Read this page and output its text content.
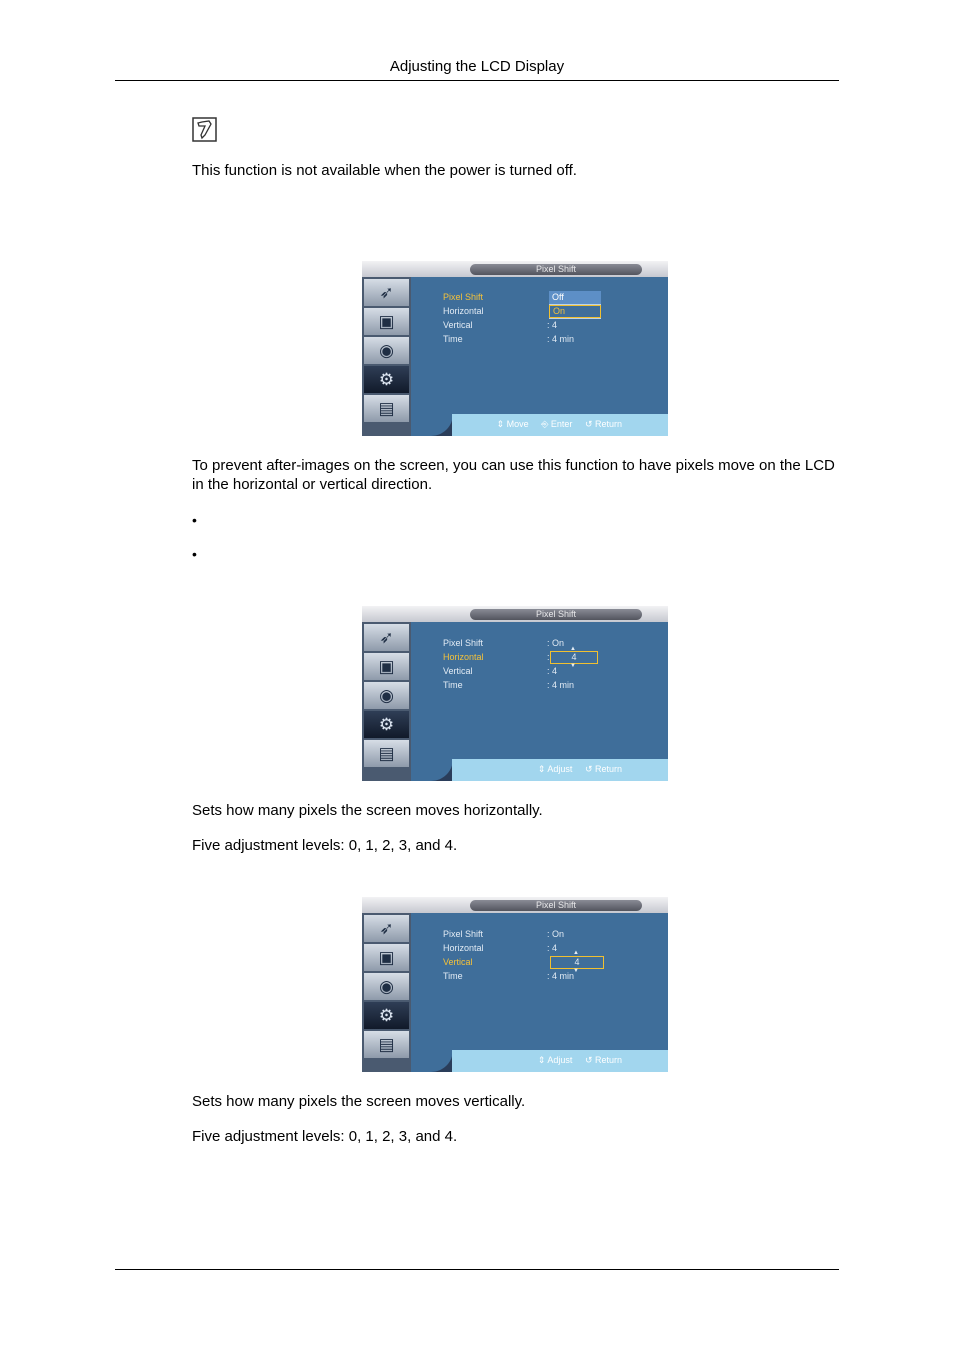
Adjusting the LCD Display
This function is not available when the power is turned off.
Pixel Shift
➶
▣
◉
⚙
▤
Pixel Shift
Horizontal
Vertical
Time
Off
On
: 4
: 4 min
⇕ Move ⎆ Enter ↺ Return
To prevent after-images on the screen, you can use this function to have pixels move on the LCD in the horizontal or vertical direction.
•
•
Pixel Shift
➶
▣
◉
⚙
▤
Pixel Shift
Horizontal
Vertical
Time
: On
:
▲
4
▼
: 4
: 4 min
⇕ Adjust ↺ Return
Sets how many pixels the screen moves horizontally.
Five adjustment levels: 0, 1, 2, 3, and 4.
Pixel Shift
➶
▣
◉
⚙
▤
Pixel Shift
Horizontal
Vertical
Time
: On
: 4	▲
4
▼
: 4 min
⇕ Adjust ↺ Return
Sets how many pixels the screen moves vertically.
Five adjustment levels: 0, 1, 2, 3, and 4.
